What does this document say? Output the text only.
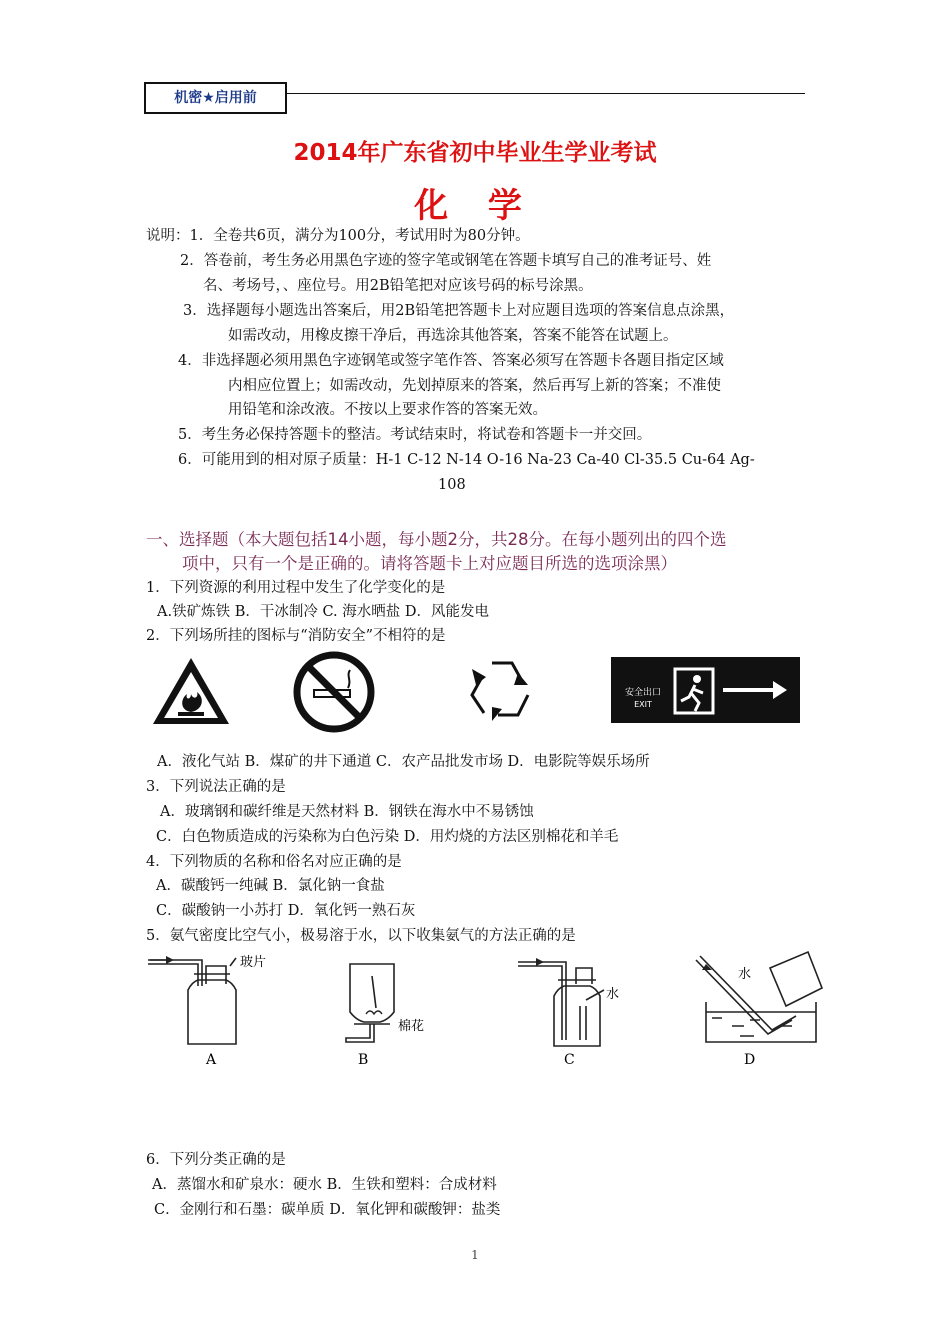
机密★启用前
2014年广东省初中毕业生学业考试
化 学
说明：1．全卷共6页，满分为100分，考试用时为80分钟。
2．答卷前，考生务必用黑色字迹的签字笔或钢笔在答题卡填写自己的准考证号、姓
名、考场号，、座位号。用2B铅笔把对应该号码的标号涂黑。
3．选择题每小题选出答案后，用2B铅笔把答题卡上对应题目选项的答案信息点涂黑，
如需改动，用橡皮擦干净后，再选涂其他答案，答案不能答在试题上。
4．非选择题必须用黑色字迹钢笔或签字笔作答、答案必须写在答题卡各题目指定区域
内相应位置上；如需改动，先划掉原来的答案，然后再写上新的答案；不准使
用铅笔和涂改液。不按以上要求作答的答案无效。
5．考生务必保持答题卡的整洁。考试结束时，将试卷和答题卡一并交回。
6．可能用到的相对原子质量：H-1 C-12 N-14 O-16 Na-23 Ca-40 Cl-35.5 Cu-64 Ag-
108
一、选择题（本大题包括14小题，每小题2分，共28分。在每小题列出的四个选
项中，只有一个是正确的。请将答题卡上对应题目所选的选项涂黑）
1．下列资源的利用过程中发生了化学变化的是
A.铁矿炼铁 B．干冰制冷 C. 海水晒盐 D．风能发电
2．下列场所挂的图标与“消防安全”不相符的是
安全出口
EXIT
A．液化气站 B．煤矿的井下通道 C．农产品批发市场 D．电影院等娱乐场所
3．下列说法正确的是
A．玻璃钢和碳纤维是天然材料 B．钢铁在海水中不易锈蚀
C．白色物质造成的污染称为白色污染 D．用灼烧的方法区别棉花和羊毛
4．下列物质的名称和俗名对应正确的是
A．碳酸钙一纯碱 B．氯化钠一食盐
C．碳酸钠一小苏打 D．氧化钙一熟石灰
5．氨气密度比空气小，极易溶于水，以下收集氨气的方法正确的是
玻片
棉花
水
水
A	B	C	D
6．下列分类正确的是
A．蒸馏水和矿泉水：硬水 B．生铁和塑料：合成材料
C．金刚行和石墨：碳单质 D．氧化钾和碳酸钾：盐类
1
